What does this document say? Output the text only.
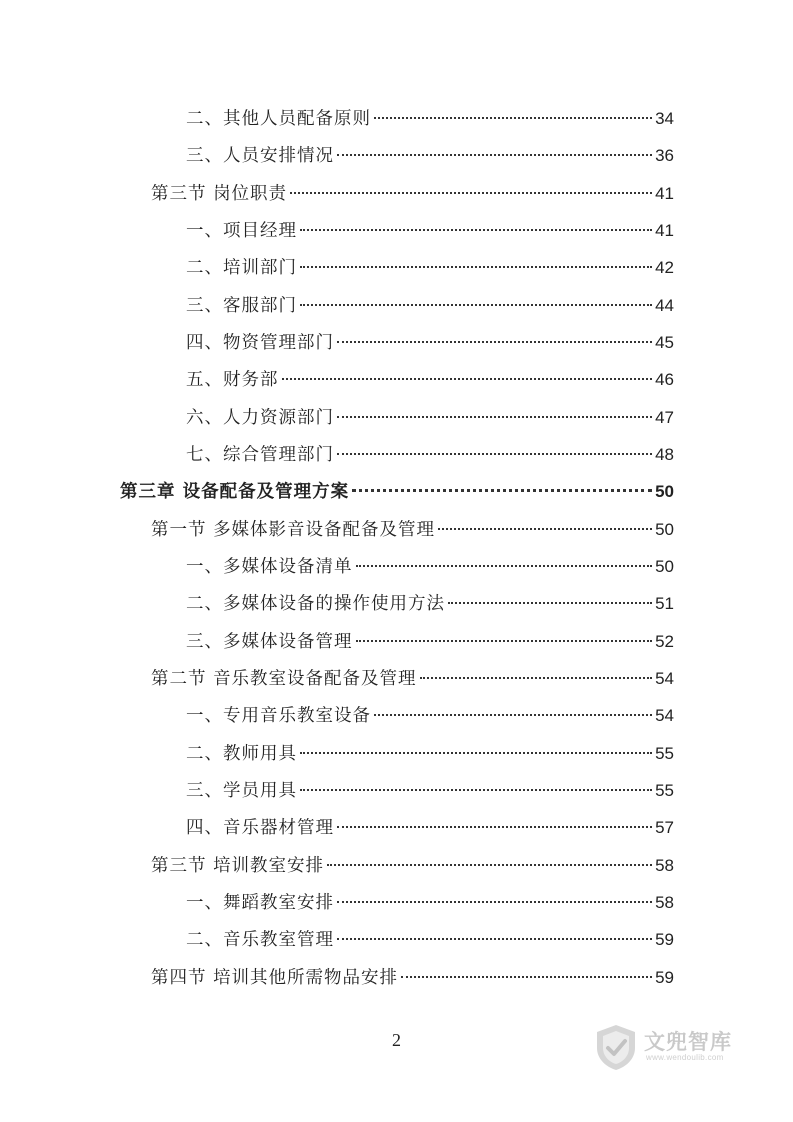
二、其他人员配备原则	34
三、人员安排情况	36
第三节 岗位职责	41
一、项目经理	41
二、培训部门	42
三、客服部门	44
四、物资管理部门	45
五、财务部	46
六、人力资源部门	47
七、综合管理部门	48
第三章 设备配备及管理方案	50
第一节 多媒体影音设备配备及管理	50
一、多媒体设备清单	50
二、多媒体设备的操作使用方法	51
三、多媒体设备管理	52
第二节 音乐教室设备配备及管理	54
一、专用音乐教室设备	54
二、教师用具	55
三、学员用具	55
四、音乐器材管理	57
第三节 培训教室安排	58
一、舞蹈教室安排	58
二、音乐教室管理	59
第四节 培训其他所需物品安排	59
2	文兜智库
www.wendoulib.com
